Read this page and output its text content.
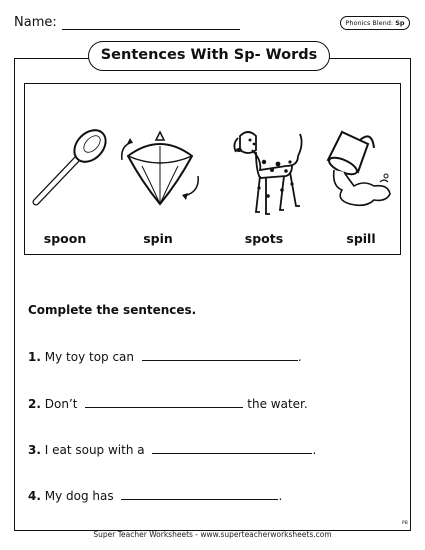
Name:	Phonics Blend: Sp
Sentences With Sp- Words
spoon	spin	spots	spill
Complete the sentences.
1. My toy top can	.
2. Don’t	the water.
3. I eat soup with a	.
4. My dog has	.
Super Teacher Worksheets - www.superteacherworksheets.com
PB
